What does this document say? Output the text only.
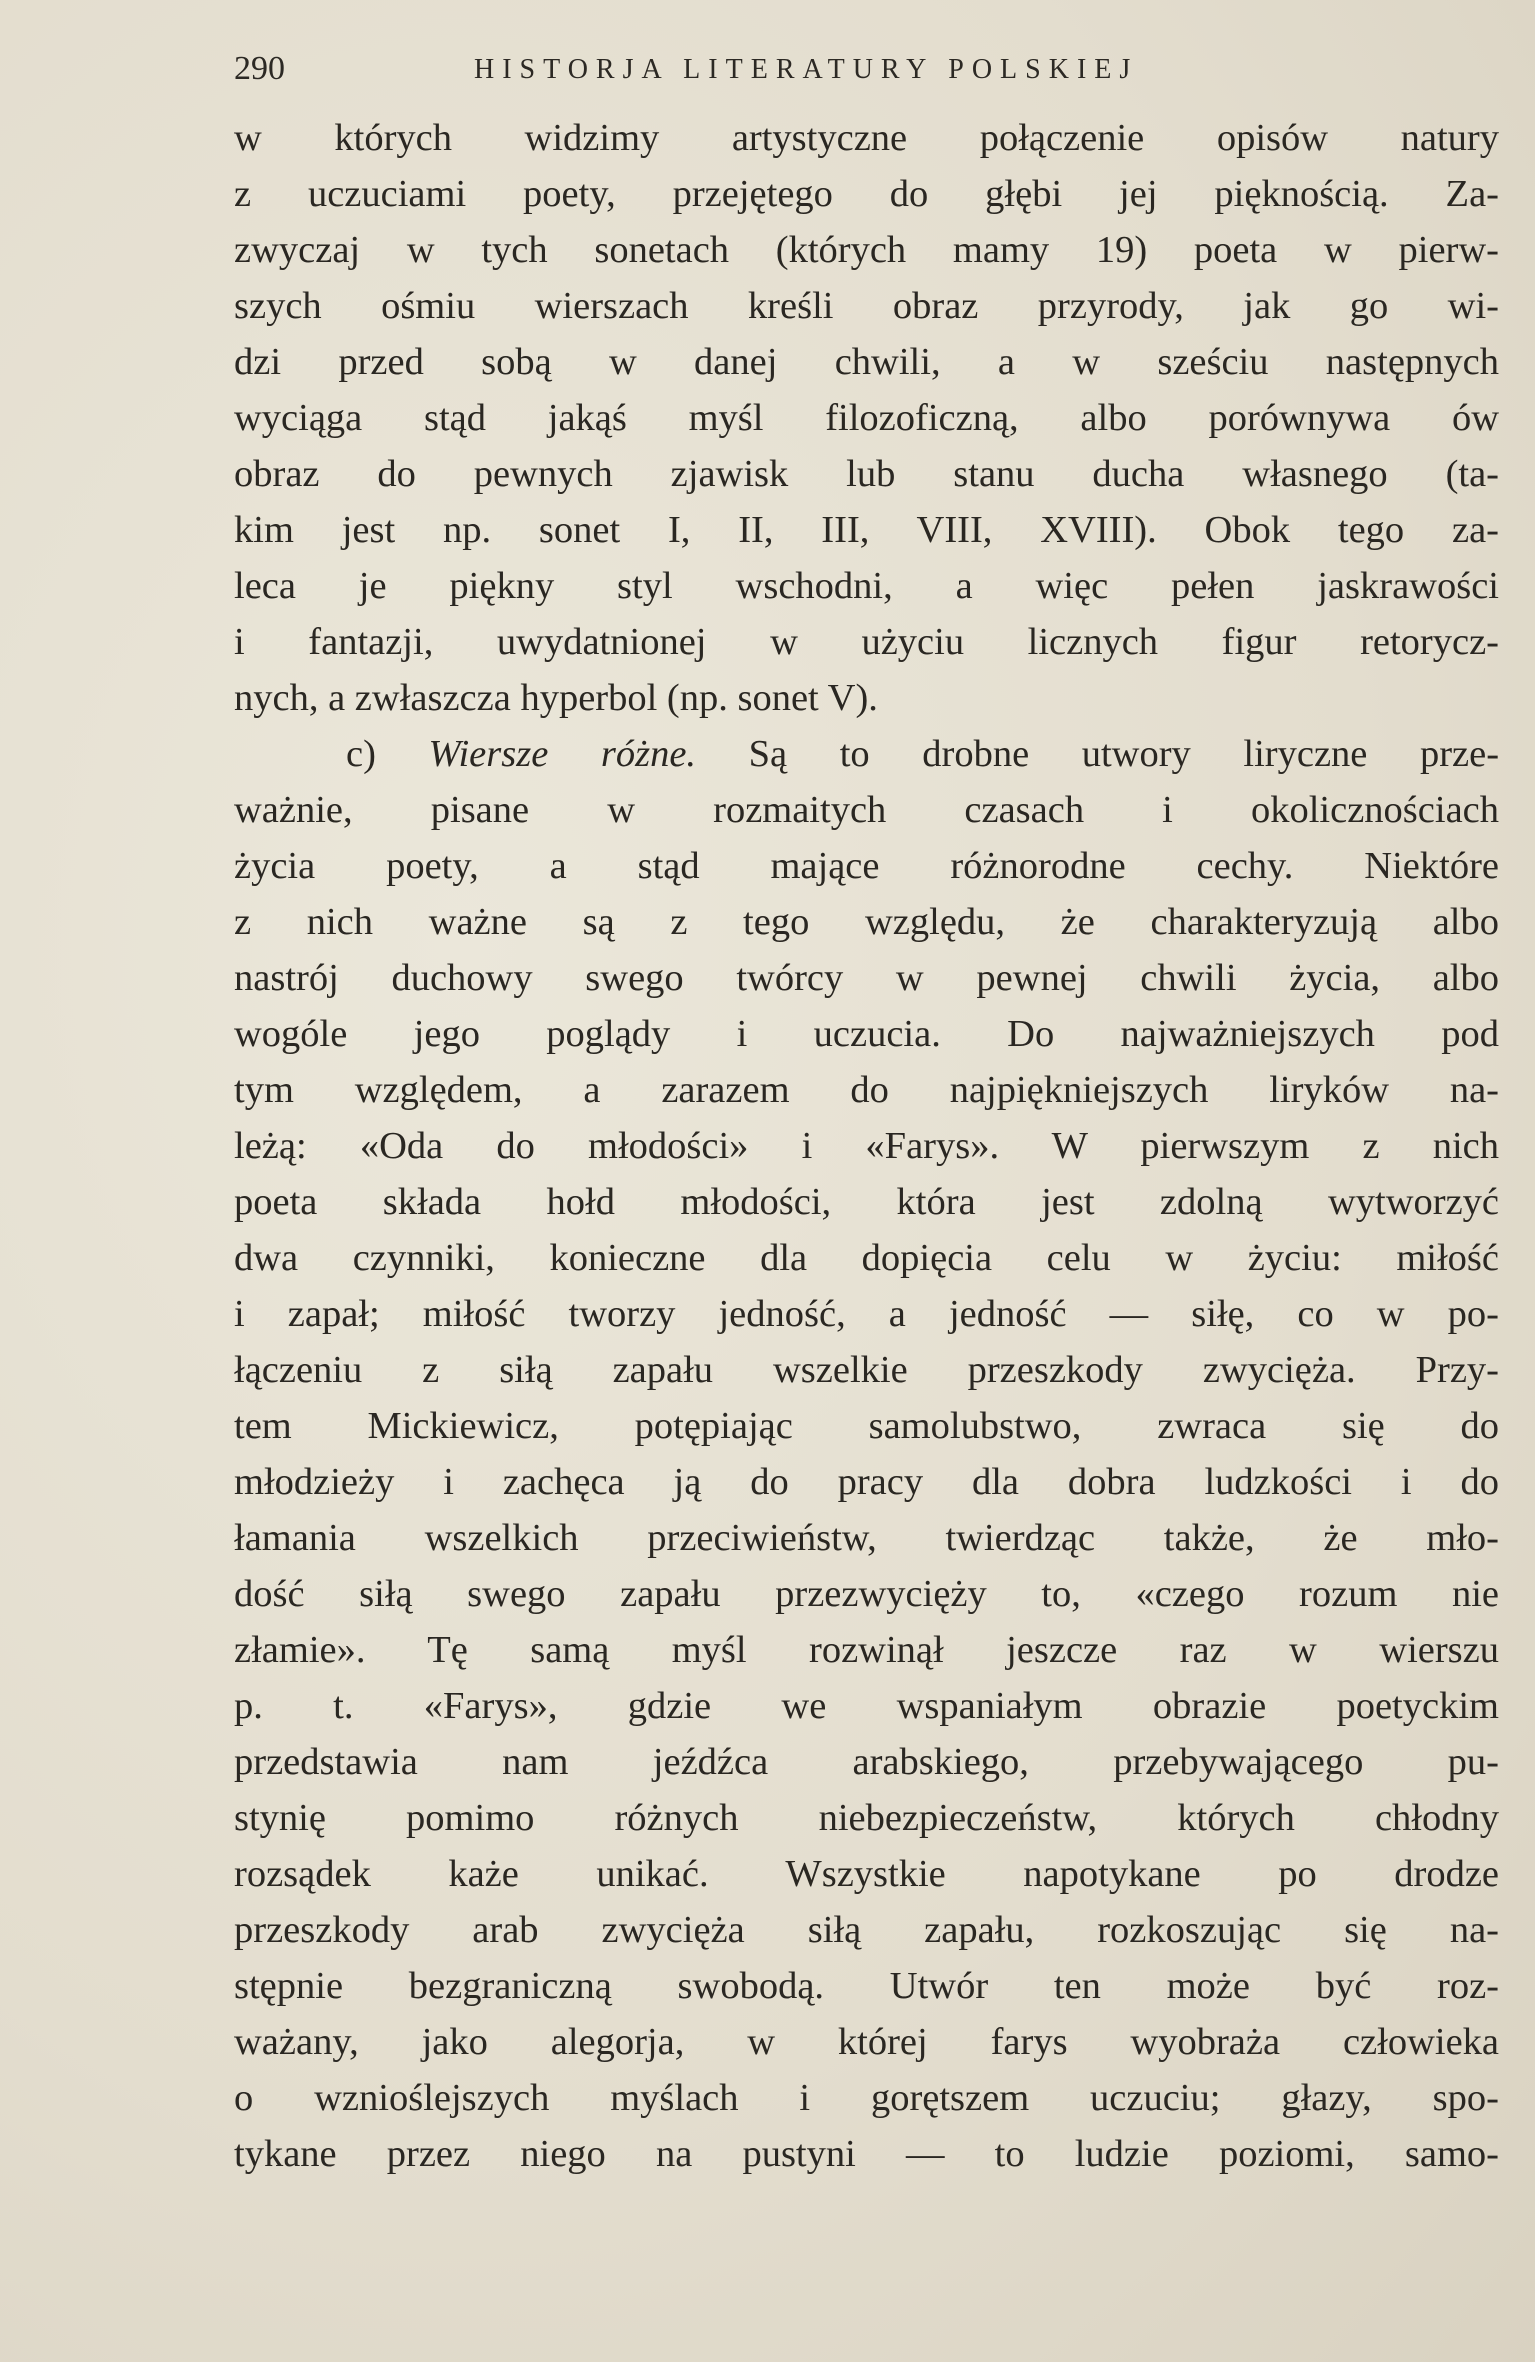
290	HISTORJA LITERATURY POLSKIEJ
w których widzimy artystyczne połączenie opisów natury
z uczuciami poety, przejętego do głębi jej pięknością. Za-
zwyczaj w tych sonetach (których mamy 19) poeta w pierw-
szych ośmiu wierszach kreśli obraz przyrody, jak go wi-
dzi przed sobą w danej chwili, a w sześciu następnych
wyciąga stąd jakąś myśl filozoficzną, albo porównywa ów
obraz do pewnych zjawisk lub stanu ducha własnego (ta-
kim jest np. sonet I, II, III, VIII, XVIII). Obok tego za-
leca je piękny styl wschodni, a więc pełen jaskrawości
i fantazji, uwydatnionej w użyciu licznych figur retorycz-
nych, a zwłaszcza hyperbol (np. sonet V).
c) Wiersze różne. Są to drobne utwory liryczne prze-
ważnie, pisane w rozmaitych czasach i okolicznościach
życia poety, a stąd mające różnorodne cechy. Niektóre
z nich ważne są z tego względu, że charakteryzują albo
nastrój duchowy swego twórcy w pewnej chwili życia, albo
wogóle jego poglądy i uczucia. Do najważniejszych pod
tym względem, a zarazem do najpiękniejszych liryków na-
leżą: «Oda do młodości» i «Farys». W pierwszym z nich
poeta składa hołd młodości, która jest zdolną wytworzyć
dwa czynniki, konieczne dla dopięcia celu w życiu: miłość
i zapał; miłość tworzy jedność, a jedność — siłę, co w po-
łączeniu z siłą zapału wszelkie przeszkody zwycięża. Przy-
tem Mickiewicz, potępiając samolubstwo, zwraca się do
młodzieży i zachęca ją do pracy dla dobra ludzkości i do
łamania wszelkich przeciwieństw, twierdząc także, że mło-
dość siłą swego zapału przezwycięży to, «czego rozum nie
złamie». Tę samą myśl rozwinął jeszcze raz w wierszu
p. t. «Farys», gdzie we wspaniałym obrazie poetyckim
przedstawia nam jeźdźca arabskiego, przebywającego pu-
stynię pomimo różnych niebezpieczeństw, których chłodny
rozsądek każe unikać. Wszystkie napotykane po drodze
przeszkody arab zwycięża siłą zapału, rozkoszując się na-
stępnie bezgraniczną swobodą. Utwór ten może być roz-
ważany, jako alegorja, w której farys wyobraża człowieka
o wznioślejszych myślach i gorętszem uczuciu; głazy, spo-
tykane przez niego na pustyni — to ludzie poziomi, samo-
